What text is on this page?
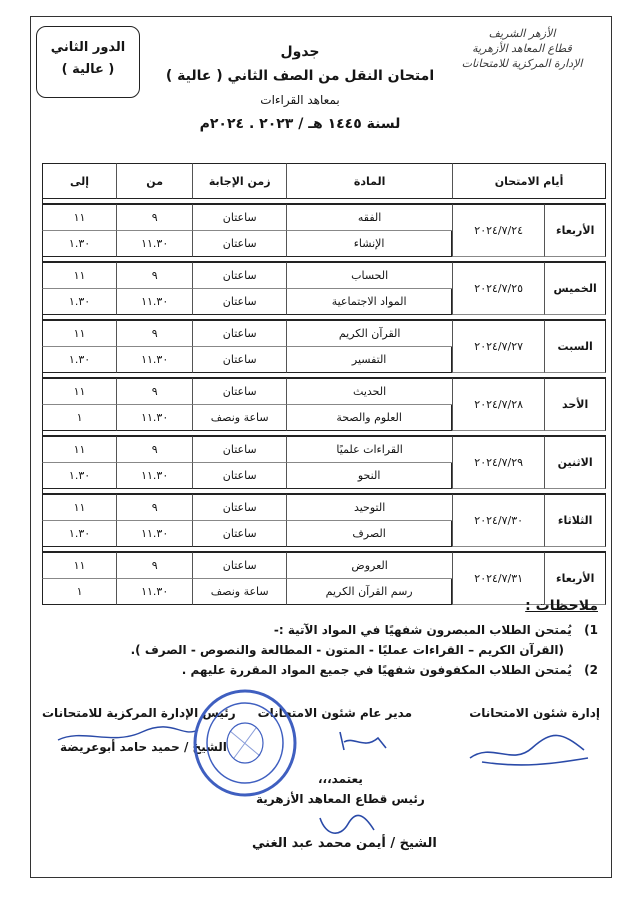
الأزهر الشريف
قطاع المعاهد الأزهرية
الإدارة المركزية للامتحانات
الدور الثاني
( عالية )
جدول
امتحان النقل من الصف الثاني ( عالية )
بمعاهد القراءات
لسنة ١٤٤٥ هـ / ٢٠٢٣ . ٢٠٢٤م
أيام الامتحان		المادة	زمن الإجابة	من	إلى

الأربعاء	٢٠٢٤/٧/٢٤	الفقه	ساعتان	٩	١١
		الإنشاء	ساعتان	١١.٣٠	١.٣٠

الخميس	٢٠٢٤/٧/٢٥	الحساب	ساعتان	٩	١١
		المواد الاجتماعية	ساعتان	١١.٣٠	١.٣٠

السبت	٢٠٢٤/٧/٢٧	القرآن الكريم	ساعتان	٩	١١
		التفسير	ساعتان	١١.٣٠	١.٣٠

الأحد	٢٠٢٤/٧/٢٨	الحديث	ساعتان	٩	١١
		العلوم والصحة	ساعة ونصف	١١.٣٠	١

الاثنين	٢٠٢٤/٧/٢٩	القراءات علميًا	ساعتان	٩	١١
		النحو	ساعتان	١١.٣٠	١.٣٠

الثلاثاء	٢٠٢٤/٧/٣٠	التوحيد	ساعتان	٩	١١
		الصرف	ساعتان	١١.٣٠	١.٣٠

الأربعاء	٢٠٢٤/٧/٣١	العروض	ساعتان	٩	١١
		رسم القرآن الكريم	ساعة ونصف	١١.٣٠	١
ملاحظات :
1) يُمتحن الطلاب المبصرون شفهيًا في المواد الآتية :-
(القرآن الكريم – القراءات عمليًا - المتون - المطالعة والنصوص - الصرف ).
2) يُمتحن الطلاب المكفوفون شفهيًا في جميع المواد المقررة عليهم .
إدارة شئون الامتحانات
مدير عام شئون الامتحانات
رئيس الإدارة المركزية للامتحانات
الشيخ / حميد حامد أبوعريضة
يعتمد،،،
رئيس قطاع المعاهد الأزهرية
الشيخ / أيمن محمد عبد الغني
